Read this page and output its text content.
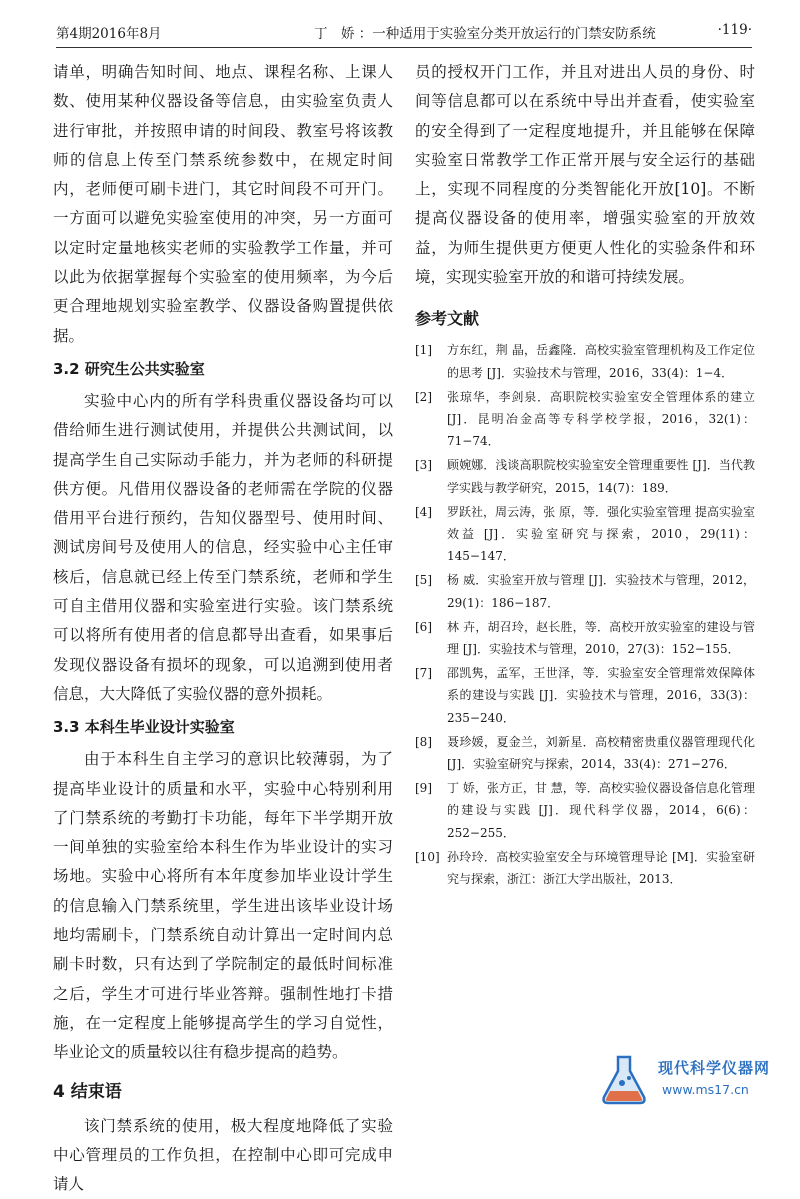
第4期2016年8月	丁　娇 ：一种适用于实验室分类开放运行的门禁安防系统	·119·

请单，明确告知时间、地点、课程名称、上课人数、使用某种仪器设备等信息，由实验室负责人进行审批，并按照申请的时间段、教室号将该教师的信息上传至门禁系统参数中，在规定时间内，老师便可刷卡进门，其它时间段不可开门。一方面可以避免实验室使用的冲突，另一方面可以定时定量地核实老师的实验教学工作量，并可以此为依据掌握每个实验室的使用频率，为今后更合理地规划实验室教学、仪器设备购置提供依据。

3.2 研究生公共实验室

实验中心内的所有学科贵重仪器设备均可以借给师生进行测试使用，并提供公共测试间，以提高学生自己实际动手能力，并为老师的科研提供方便。凡借用仪器设备的老师需在学院的仪器借用平台进行预约，告知仪器型号、使用时间、测试房间号及使用人的信息，经实验中心主任审核后，信息就已经上传至门禁系统，老师和学生可自主借用仪器和实验室进行实验。该门禁系统可以将所有使用者的信息都导出查看，如果事后发现仪器设备有损坏的现象，可以追溯到使用者信息，大大降低了实验仪器的意外损耗。

3.3 本科生毕业设计实验室

由于本科生自主学习的意识比较薄弱，为了提高毕业设计的质量和水平，实验中心特别利用了门禁系统的考勤打卡功能，每年下半学期开放一间单独的实验室给本科生作为毕业设计的实习场地。实验中心将所有本年度参加毕业设计学生的信息输入门禁系统里，学生进出该毕业设计场地均需刷卡，门禁系统自动计算出一定时间内总刷卡时数，只有达到了学院制定的最低时间标准之后，学生才可进行毕业答辩。强制性地打卡措施，在一定程度上能够提高学生的学习自觉性，毕业论文的质量较以往有稳步提高的趋势。

4 结束语

该门禁系统的使用，极大程度地降低了实验中心管理员的工作负担，在控制中心即可完成申请人

员的授权开门工作，并且对进出人员的身份、时间等信息都可以在系统中导出并查看，使实验室的安全得到了一定程度地提升，并且能够在保障实验室日常教学工作正常开展与安全运行的基础上，实现不同程度的分类智能化开放[10]。不断提高仪器设备的使用率，增强实验室的开放效益，为师生提供更方便更人性化的实验条件和环境，实现实验室开放的和谐可持续发展。

参考文献
[1] 方东红，荆 晶，岳鑫隆．高校实验室管理机构及工作定位的思考 [J]．实验技术与管理，2016，33(4)：1−4．
[2] 张琼华，李剑泉．高职院校实验室安全管理体系的建立 [J]．昆明冶金高等专科学校学报，2016，32(1)：71−74．
[3] 顾婉娜．浅谈高职院校实验室安全管理重要性 [J]．当代教学实践与教学研究，2015，14(7)：189．
[4] 罗跃社，周云涛，张 原，等．强化实验室管理 提高实验室效益 [J]．实验室研究与探索，2010，29(11)：145−147．
[5] 杨 威．实验室开放与管理 [J]．实验技术与管理，2012，29(1)：186−187．
[6] 林 卉，胡召玲，赵长胜，等．高校开放实验室的建设与管理 [J]．实验技术与管理，2010，27(3)：152−155．
[7] 邵凯隽，孟军，王世泽，等．实验室安全管理常效保障体系的建设与实践 [J]．实验技术与管理，2016，33(3)：235−240．
[8] 聂珍媛，夏金兰，刘新星．高校精密贵重仪器管理现代化 [J]．实验室研究与探索，2014，33(4)：271−276．
[9] 丁 娇，张方正，甘 慧，等．高校实验仪器设备信息化管理的建设与实践 [J]．现代科学仪器，2014，6(6)：252−255．
[10] 孙玲玲．高校实验室安全与环境管理导论 [M]．实验室研究与探索，浙江：浙江大学出版社，2013．
现代科学仪器网
www.ms17.cn
